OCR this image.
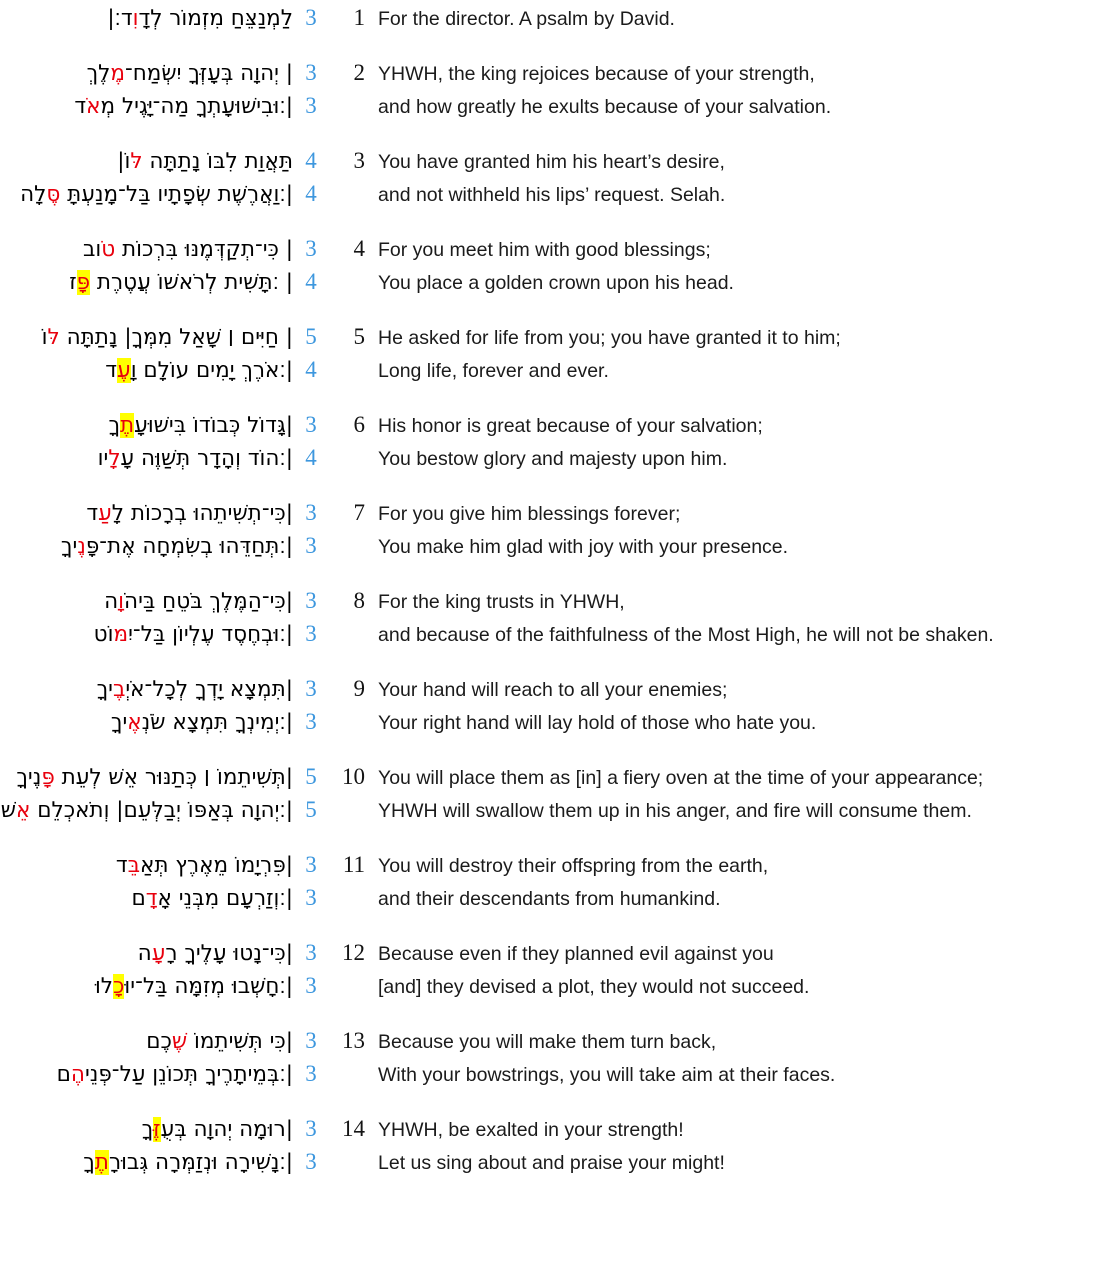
לַמְנַצֵּחַ מִזְמוֹר לְדָוִד׃|	3	1 For the director. A psalm by David.
| יְהוָה בְּעָזְּךָ יִשְׂמַח־מֶלֶךְ	3	2 YHWH, the king rejoices because of your strength,
|׃וּבִישׁוּעָתְךָ מַה־יָּגֶיל מְאֹד	3	and how greatly he exults because of your salvation.
תַּאֲוַת לִבּוֹ נָתַתָּה לּוֹ|	4	3 You have granted him his heart’s desire,
|׃וַאֲרֶשֶׁת שְׂפָתָיו בַּל־מָנַעְתָּ סֶּלָה	4	and not withheld his lips’ request. Selah.
| כִּי־תְקַדְּמֶנּוּ בִּרְכוֹת טֹוב	3	4 For you meet him with good blessings;
| ׃תָּשִׁית לְרֹאשׁוֹ עֲטֶרֶת פָּז	4	You place a golden crown upon his head.
| חַיִּים ׀ שָׁאַל מִמְּךָ| נָתַתָּה לּוֹ	5	5 He asked for life from you; you have granted it to him;
|׃אֹרֶךְ יָמִים עוֹלָם וָעֶד	4	Long life, forever and ever.
|גָּדוֹל כְּבוֹדוֹ בִּישׁוּעָתֶךָ	3	6 His honor is great because of your salvation;
|׃הוֹד וְהָדָר תְּשַׁוֶּה עָלָיו	4	You bestow glory and majesty upon him.
|כִּי־תְשִׁיתֵהוּ בְרָכוֹת לָעַד	3	7 For you give him blessings forever;
|׃תְּחַדֵּהוּ בְשִׂמְחָה אֶת־פָּנֶיךָ	3	You make him glad with joy with your presence.
|כִּי־הַמֶּלֶךְ בֹּטֵחַ בַּיהֹוָה	3	8 For the king trusts in YHWH,
|׃וּבְחֶסֶד עֶלְיוֹן בַּל־יִמּוֹט	3	and because of the faithfulness of the Most High, he will not be shaken.
|תִּמְצָא יָדְךָ לְכָל־אֹיְבֶיךָ	3	9 Your hand will reach to all your enemies;
|׃יְמִינְךָ תִּמְצָא שֹׂנְאֶיךָ	3	Your right hand will lay hold of those who hate you.
|תְּשִׁיתֵמוֹ ׀ כְּתַנּוּר אֵשׁ לְעֵת פָּנֶיךָ	5	10 You will place them as [in] a fiery oven at the time of your appearance;
|׃יְהוָה בְּאַפּוֹ יְבַלְּעֵם| וְתֹאכְלֵם אֵשׁ	5	YHWH will swallow them up in his anger, and fire will consume them.
|פִּרְיָמוֹ מֵאֶרֶץ תְּאַבֵּד	3	11 You will destroy their offspring from the earth,
|׃וְזַרְעָם מִבְּנֵי אָדָם	3	and their descendants from humankind.
|כִּי־נָטוּ עָלֶיךָ רָעָה	3	12 Because even if they planned evil against you
|׃חָשְׁבוּ מְזִמָּה בַּל־יוּכָלוּ	3	[and] they devised a plot, they would not succeed.
|כִּי תְּשִׁיתֵמוֹ שֶׁכֶם	3	13 Because you will make them turn back,
|׃בְּמֵיתָרֶיךָ תְּכוֹנֵן עַל־פְּנֵיהֶם	3	With your bowstrings, you will take aim at their faces.
|רוּמָה יְהוָה בְּעֻזֶּךָ	3	14 YHWH, be exalted in your strength!
|׃נָשִׁירָה וּנְזַמְּרָה גְּבוּרָתֶךָ	3	Let us sing about and praise your might!
